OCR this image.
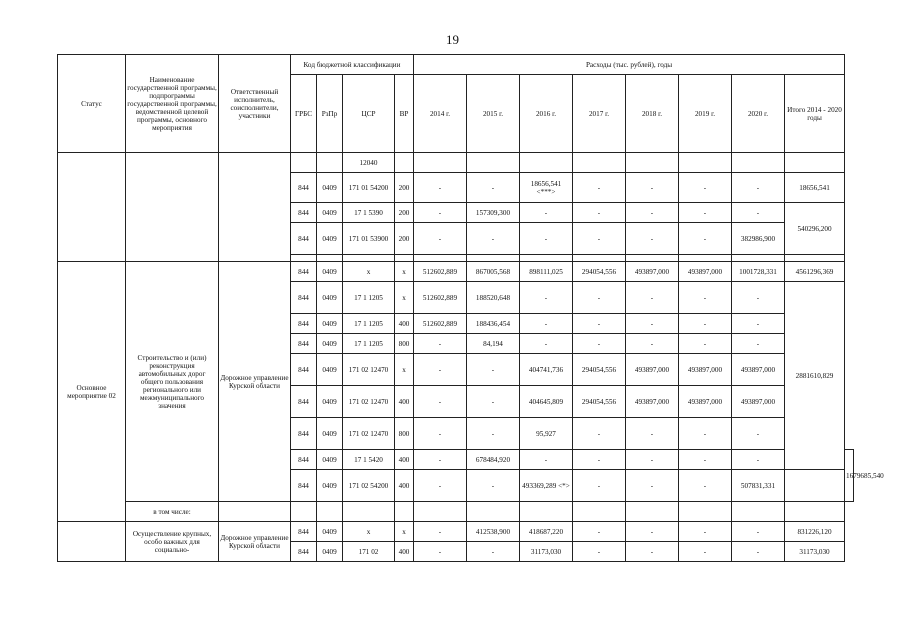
19
Статус	Наименование государственной программы, подпрограммы государственной программы, ведомственной целевой программы, основного мероприятия	Ответственный исполнитель, соисполнители, участники	Код бюджетной классификации				Расходы (тыс. рублей), годы								
			ГРБС	РзПр	ЦСР	ВР	2014 г.	2015 г.	2016 г.	2017 г.	2018 г.	2019 г.	2020 г.	Итого 2014 - 2020 годы	
					12040										
			844	0409	171 01 54200	200	-	-	18656,541 <***>	-	-	-	-	18656,541	
			844	0409	17 1 5390	200	-	157309,300	-	-	-	-	-	540296,200	
			844	0409	171 01 53900	200	-	-	-	-	-	-	382986,900		

Основное мероприятие 02	Строительство и (или) реконструкция автомобильных дорог общего пользования регионального или межмуниципального значения	Дорожное управление Курской области	844	0409	х	х	512602,889	867005,568	898111,025	294054,556	493897,000	493897,000	1001728,331	4561296,369	
			844	0409	17 1 1205	х	512602,889	188520,648	-	-	-	-	-	2881610,829	
			844	0409	17 1 1205	400	512602,889	188436,454	-	-	-	-	-		
			844	0409	17 1 1205	800	-	84,194	-	-	-	-	-		
			844	0409	171 02 12470	х	-	-	404741,736	294054,556	493897,000	493897,000	493897,000		
			844	0409	171 02 12470	400	-	-	404645,809	294054,556	493897,000	493897,000	493897,000		
			844	0409	171 02 12470	800	-	-	95,927	-	-	-	-		
			844	0409	17 1 5420	400	-	678484,920	-	-	-	-	-		1679685,540
			844	0409	171 02 54200	400	-	-	493369,289 <*>	-	-	-	507831,331		
	в том числе:														
	Осуществление крупных, особо важных для социально-	Дорожное управление Курской области	844	0409	х	х	-	412538,900	418687,220	-	-	-	-	831226,120	
			844	0409	171 02	400	-	-	31173,030	-	-	-	-	31173,030	
